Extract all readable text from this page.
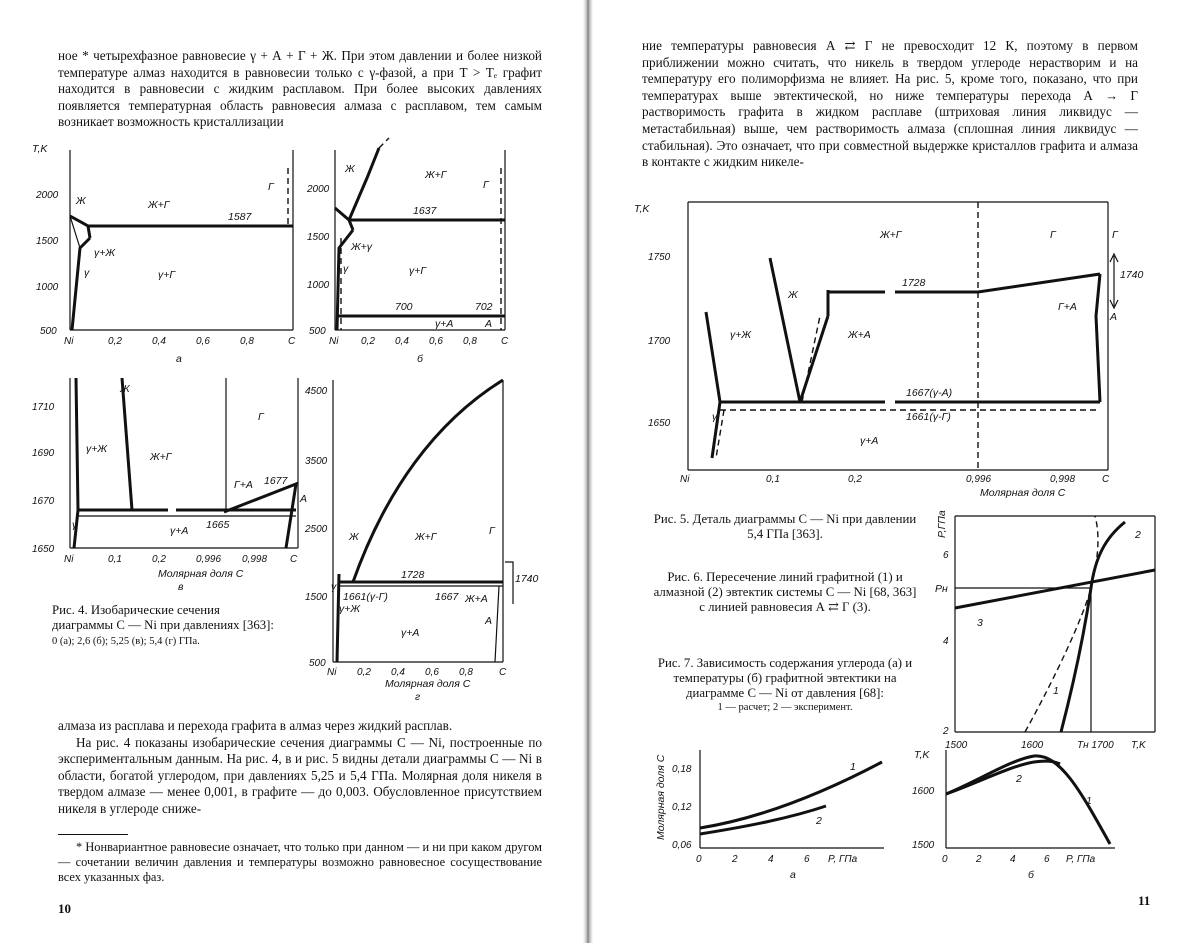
ное * четырехфазное равновесие γ + А + Г + Ж. При этом давлении и более низкой температуре алмаз находится в равновесии только с γ-фазой, а при T > Tₑ графит находится в равновесии с жидким расплавом. При более высоких давлениях появляется температурная область равновесия алмаза с расплавом, тем самым возникает возможность кристаллизации

T,K
2000
1500
1000
500
Ni	0,2	0,4	0,6	0,8	C
а
Ж	Ж+Г
1587
γ+Ж
γ	γ+Г
Г	2000
1500
1000
500
Ni 0,2 0,4 0,6 0,8 C
б
Ж	Ж+Г
Г
1637
Ж+γ
γ	γ+Г
700	702
γ+А	А
1710
1690
1670
1650
Ni	0,1	0,2	0,996 0,998 C
Молярная доля C
в
Ж
γ+Ж
Ж+Г
Г
Г+А 1677
А
γ	γ+А 1665
Рис. 4. Изобарические сечения диаграммы C — Ni при давлениях [363]:
0 (а); 2,6 (б); 5,25 (в); 5,4 (г) ГПа.
4500
3500
2500
1500
500
Ni 0,2 0,4 0,6 0,8	C
Молярная доля C
г
Ж	Ж+Г	Г
1728	1740
1661(γ-Г)	1667 Ж+А
γ+Ж
γ+А
А
γ

алмаза из расплава и перехода графита в алмаз через жидкий расплав.

На рис. 4 показаны изобарические сечения диаграммы C — Ni, построенные по экспериментальным данным. На рис. 4, в и рис. 5 видны детали диаграммы C — Ni в области, богатой углеродом, при давлениях 5,25 и 5,4 ГПа. Молярная доля никеля в твердом алмазе — менее 0,001, в графите — до 0,003. Обусловленное присутствием никеля в углероде сниже-

* Нонвариантное равновесие означает, что только при данном — и ни при каком другом — сочетании величин давления и температуры возможно равновесное сосуществование всех указанных фаз.

10

ние температуры равновесия А ⇄ Г не превосходит 12 К, поэтому в первом приближении можно считать, что никель в твердом углероде нерастворим и на температуру его полиморфизма не влияет. На рис. 5, кроме того, показано, что при температурах выше эвтектической, но ниже температуры перехода А → Г растворимость графита в жидком расплаве (штриховая линия ликвидус — метастабильная) выше, чем растворимость алмаза (сплошная линия ликвидус — стабильная). Это означает, что при совместной выдержке кристаллов графита и алмаза в контакте с жидким никеле-

T,K
1750
1700
1650
Ni	0,1	0,2	0,996	0,998	C
Молярная доля C
Ж+Г	Г
γ+Ж
Ж
Ж+А
1728
1740
Г+А
А
Г
1667(γ-А)
1661(γ-Г)
γ
γ+А
Рис. 5. Деталь диаграммы C — Ni при давлении 5,4 ГПа [363].
Рис. 6. Пересечение линий графитной (1) и алмазной (2) эвтектик системы C — Ni [68, 363] с линией равновесия А ⇄ Г (3).
Рис. 7. Зависимость содержания углерода (а) и температуры (б) графитной эвтектики на диаграмме C — Ni от давления [68]:
1 — расчет; 2 — эксперимент.
P,ГПа
6
4
2
Pн
1500	1600	Tн 1700 T,K
3
1
2
Молярная доля C 0,18
0,12
0,06
0	2	4	6 P, ГПа
а
1
2
T,K
1600
1500
0	2	4	6 P, ГПа
б
1
2
11
